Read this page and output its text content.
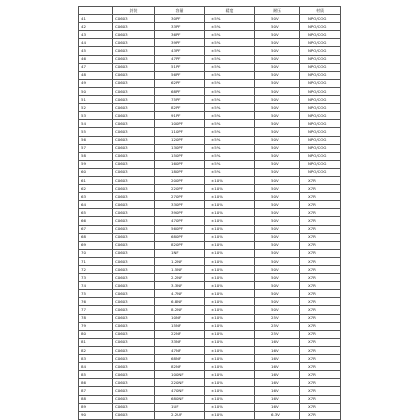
	封装	容量	精度	耐压	材质
41	C0603	30PF	±5%	50V	NPO/COG
42	C0603	33PF	±5%	50V	NPO/COG
43	C0603	36PF	±5%	50V	NPO/COG
44	C0603	39PF	±5%	50V	NPO/COG
45	C0603	43PF	±5%	50V	NPO/COG
46	C0603	47PF	±5%	50V	NPO/COG
47	C0603	51PF	±5%	50V	NPO/COG
48	C0603	56PF	±5%	50V	NPO/COG
49	C0603	62PF	±5%	50V	NPO/COG
50	C0603	68PF	±5%	50V	NPO/COG
51	C0603	75PF	±5%	50V	NPO/COG
52	C0603	82PF	±5%	50V	NPO/COG
53	C0603	91PF	±5%	50V	NPO/COG
54	C0603	100PF	±5%	50V	NPO/COG
55	C0603	110PF	±5%	50V	NPO/COG
56	C0603	120PF	±5%	50V	NPO/COG
57	C0603	130PF	±5%	50V	NPO/COG
58	C0603	150PF	±5%	50V	NPO/COG
59	C0603	160PF	±5%	50V	NPO/COG
60	C0603	180PF	±5%	50V	NPO/COG
61	C0603	200PF	±10%	50V	X7R
62	C0603	220PF	±10%	50V	X7R
63	C0603	270PF	±10%	50V	X7R
64	C0603	330PF	±10%	50V	X7R
65	C0603	390PF	±10%	50V	X7R
66	C0603	470PF	±10%	50V	X7R
67	C0603	560PF	±10%	50V	X7R
68	C0603	680PF	±10%	50V	X7R
69	C0603	820PF	±10%	50V	X7R
70	C0603	1NF	±10%	50V	X7R
71	C0603	1.2NF	±10%	50V	X7R
72	C0603	1.5NF	±10%	50V	X7R
73	C0603	2.2NF	±10%	50V	X7R
74	C0603	3.3NF	±10%	50V	X7R
75	C0603	4.7NF	±10%	50V	X7R
76	C0603	6.8NF	±10%	50V	X7R
77	C0603	8.2NF	±10%	50V	X7R
78	C0603	10NF	±10%	25V	X7R
79	C0603	15NF	±10%	25V	X7R
80	C0603	22NF	±10%	25V	X7R
81	C0603	33NF	±10%	16V	X7R
82	C0603	47NF	±10%	16V	X7R
83	C0603	68NF	±10%	16V	X7R
84	C0603	82NF	±10%	16V	X7R
85	C0603	100NF	±10%	16V	X7R
86	C0603	220NF	±10%	16V	X7R
87	C0603	470NF	±10%	16V	X7R
88	C0603	680NF	±10%	16V	X7R
89	C0603	1UF	±10%	16V	X7R
90	C0603	2.2UF	±10%	6.3V	X7R
